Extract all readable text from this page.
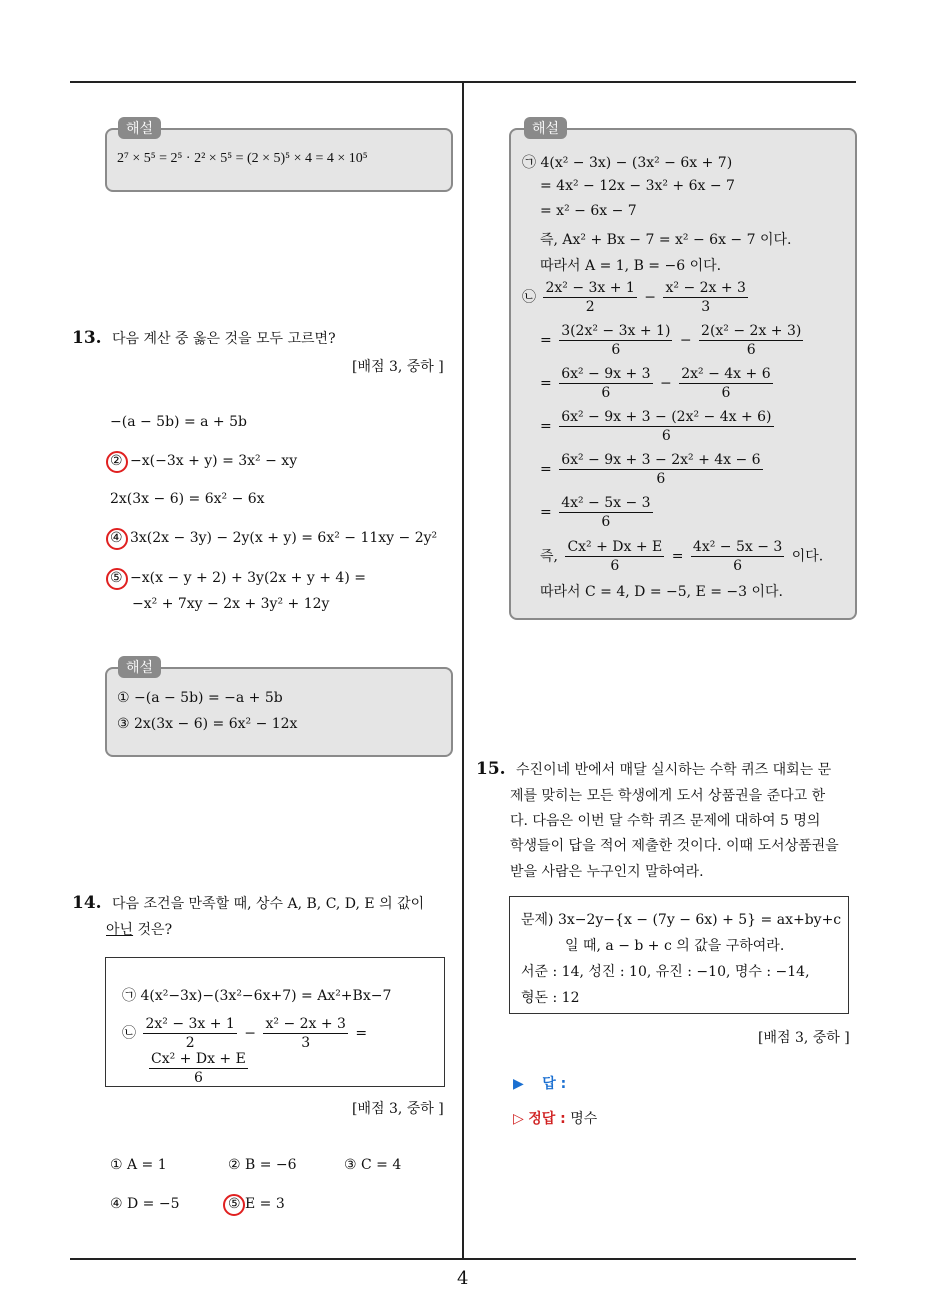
4
해설
2⁷ × 5⁵ = 2⁵ · 2² × 5⁵ = (2 × 5)⁵ × 4 = 4 × 10⁵
13. 다음 계산 중 옳은 것을 모두 고르면?
[배점 3, 중하 ]
−(a − 5b) = a + 5b
−x(−3x + y) = 3x² − xy
2x(3x − 6) = 6x² − 6x
3x(2x − 3y) − 2y(x + y) = 6x² − 11xy − 2y²
−x(x − y + 2) + 3y(2x + y + 4) =
−x² + 7xy − 2x + 3y² + 12y
②
④
⑤
해설
① −(a − 5b) = −a + 5b
③ 2x(3x − 6) = 6x² − 12x
14. 다음 조건을 만족할 때, 상수 A, B, C, D, E 의 값이
아닌 것은?
㉠ 4(x²−3x)−(3x²−6x+7) = Ax²+Bx−7
㉡ $\frac{\text{2x² − 3x + 1}}{2} - \frac{\text{x² − 2x + 3}}{3}$ =
$\frac{\text{Cx² + Dx + E}}{6}$
[배점 3, 중하 ]
① A = 1	② B = −6	③ C = 4
④ D = −5	⑤ E = 3
해설
㉠ 4(x² − 3x) − (3x² − 6x + 7)
= 4x² − 12x − 3x² + 6x − 7
= x² − 6x − 7
즉, Ax² + Bx − 7 = x² − 6x − 7 이다.
따라서 A = 1, B = −6 이다.
㉡ $\frac{\text{2x² − 3x + 1}}{2} - \frac{\text{x² − 2x + 3}}{3}$
= $\frac{\text{3(2x² − 3x + 1)}}{6} - \frac{\text{2(x² − 2x + 3)}}{6}$
= $\frac{\text{6x² − 9x + 3}}{6} - \frac{\text{2x² − 4x + 6}}{6}$
= $\frac{\text{6x² − 9x + 3 − (2x² − 4x + 6)}}{6}$
= $\frac{\text{6x² − 9x + 3 − 2x² + 4x − 6}}{6}$
= $\frac{\text{4x² − 5x − 3}}{6}$
즉, $\frac{\text{Cx² + Dx + E}}{6} = \frac{\text{4x² − 5x − 3}}{6}$ 이다.
따라서 C = 4, D = −5, E = −3 이다.
15. 수진이네 반에서 매달 실시하는 수학 퀴즈 대회는 문
제를 맞히는 모든 학생에게 도서 상품권을 준다고 한
다. 다음은 이번 달 수학 퀴즈 문제에 대하여 5 명의
학생들이 답을 적어 제출한 것이다. 이때 도서상품권을
받을 사람은 누구인지 말하여라.
문제) 3x−2y−{x − (7y − 6x) + 5} = ax+by+c
일 때, a − b + c 의 값을 구하여라.
서준 : 14, 성진 : 10, 유진 : −10, 명수 : −14,
형돈 : 12
[배점 3, 중하 ]
▶ 답 :
▷ 정답 : 명수
